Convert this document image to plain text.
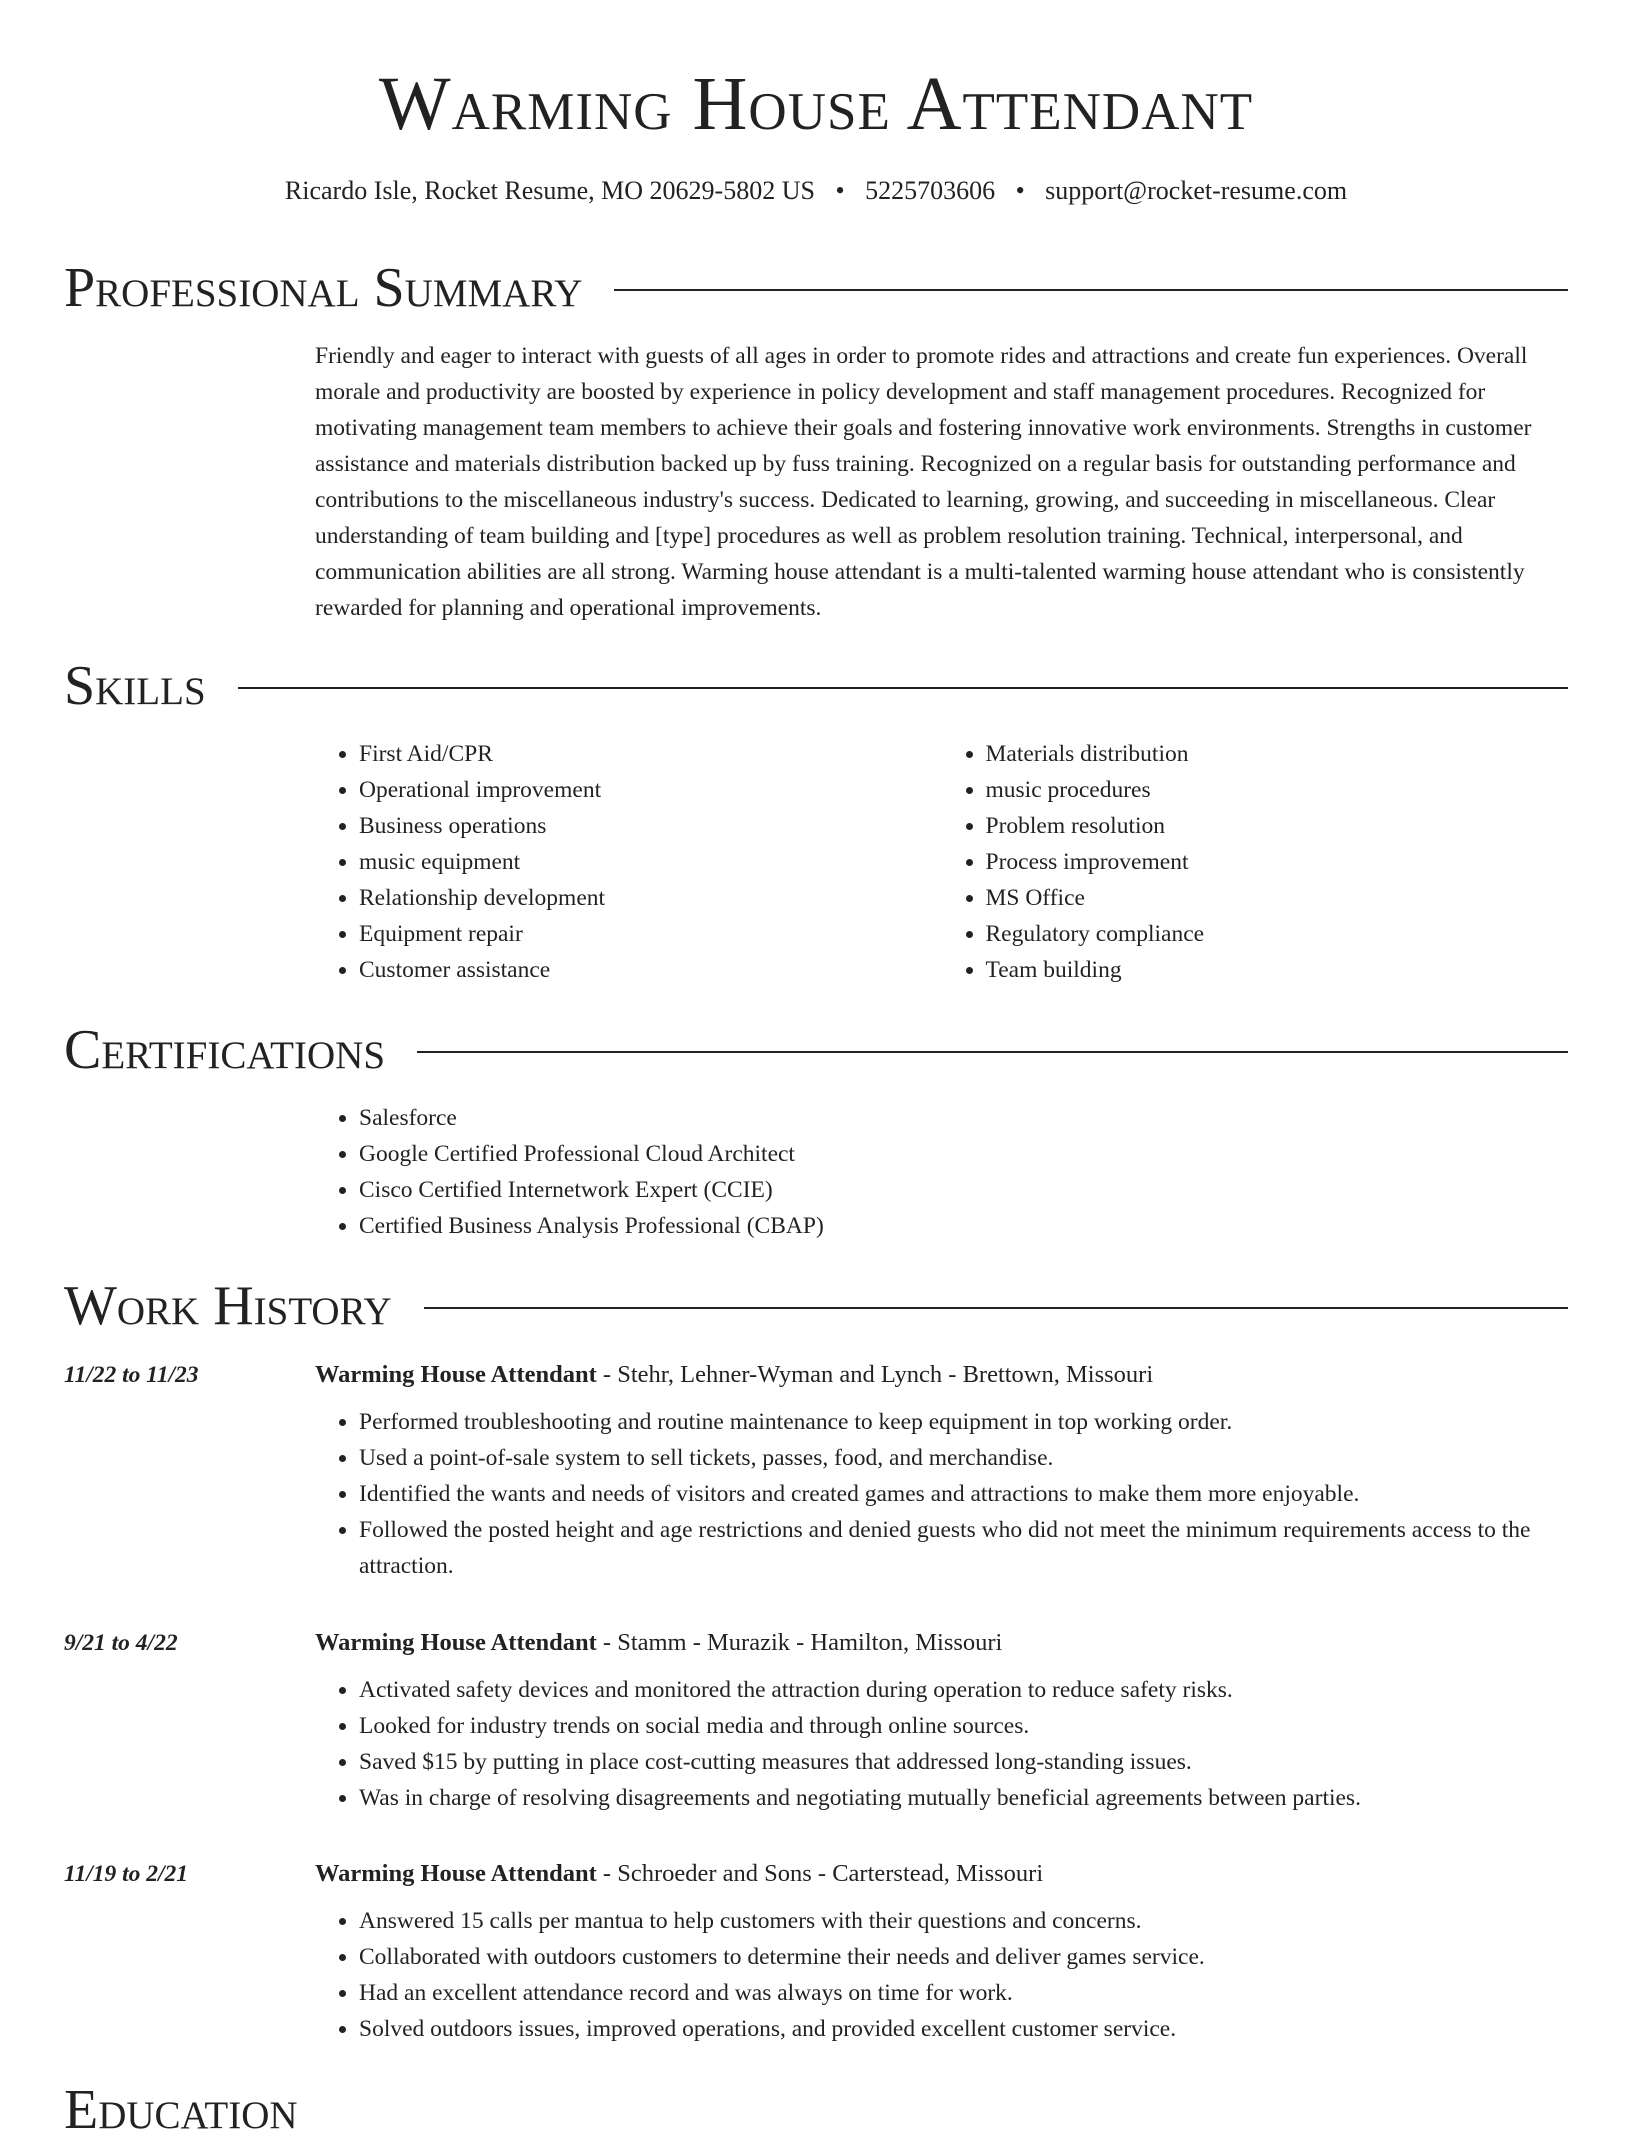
Warming House Attendant
Ricardo Isle, Rocket Resume, MO 20629-5802 US • 5225703606 • support@rocket-resume.com
Professional Summary

Friendly and eager to interact with guests of all ages in order to promote rides and attractions and create fun experiences. Overall morale and productivity are boosted by experience in policy development and staff management procedures. Recognized for motivating management team members to achieve their goals and fostering innovative work environments. Strengths in customer assistance and materials distribution backed up by fuss training. Recognized on a regular basis for outstanding performance and contributions to the miscellaneous industry's success. Dedicated to learning, growing, and succeeding in miscellaneous. Clear understanding of team building and [type] procedures as well as problem resolution training. Technical, interpersonal, and communication abilities are all strong. Warming house attendant is a multi-talented warming house attendant who is consistently rewarded for planning and operational improvements.

Skills
• First Aid/CPR
• Operational improvement
• Business operations
• music equipment
• Relationship development
• Equipment repair
• Customer assistance
• Materials distribution
• music procedures
• Problem resolution
• Process improvement
• MS Office
• Regulatory compliance
• Team building
Certifications
• Salesforce
• Google Certified Professional Cloud Architect
• Cisco Certified Internetwork Expert (CCIE)
• Certified Business Analysis Professional (CBAP)
Work History
11/22 to 11/23	Warming House Attendant - Stehr, Lehner-Wyman and Lynch - Brettown, Missouri
• Performed troubleshooting and routine maintenance to keep equipment in top working order.
• Used a point-of-sale system to sell tickets, passes, food, and merchandise.
• Identified the wants and needs of visitors and created games and attractions to make them more enjoyable.
• Followed the posted height and age restrictions and denied guests who did not meet the minimum requirements access to the attraction.
9/21 to 4/22	Warming House Attendant - Stamm - Murazik - Hamilton, Missouri
• Activated safety devices and monitored the attraction during operation to reduce safety risks.
• Looked for industry trends on social media and through online sources.
• Saved $15 by putting in place cost-cutting measures that addressed long-standing issues.
• Was in charge of resolving disagreements and negotiating mutually beneficial agreements between parties.
11/19 to 2/21	Warming House Attendant - Schroeder and Sons - Carterstead, Missouri
• Answered 15 calls per mantua to help customers with their questions and concerns.
• Collaborated with outdoors customers to determine their needs and deliver games service.
• Had an excellent attendance record and was always on time for work.
• Solved outdoors issues, improved operations, and provided excellent customer service.
Education
